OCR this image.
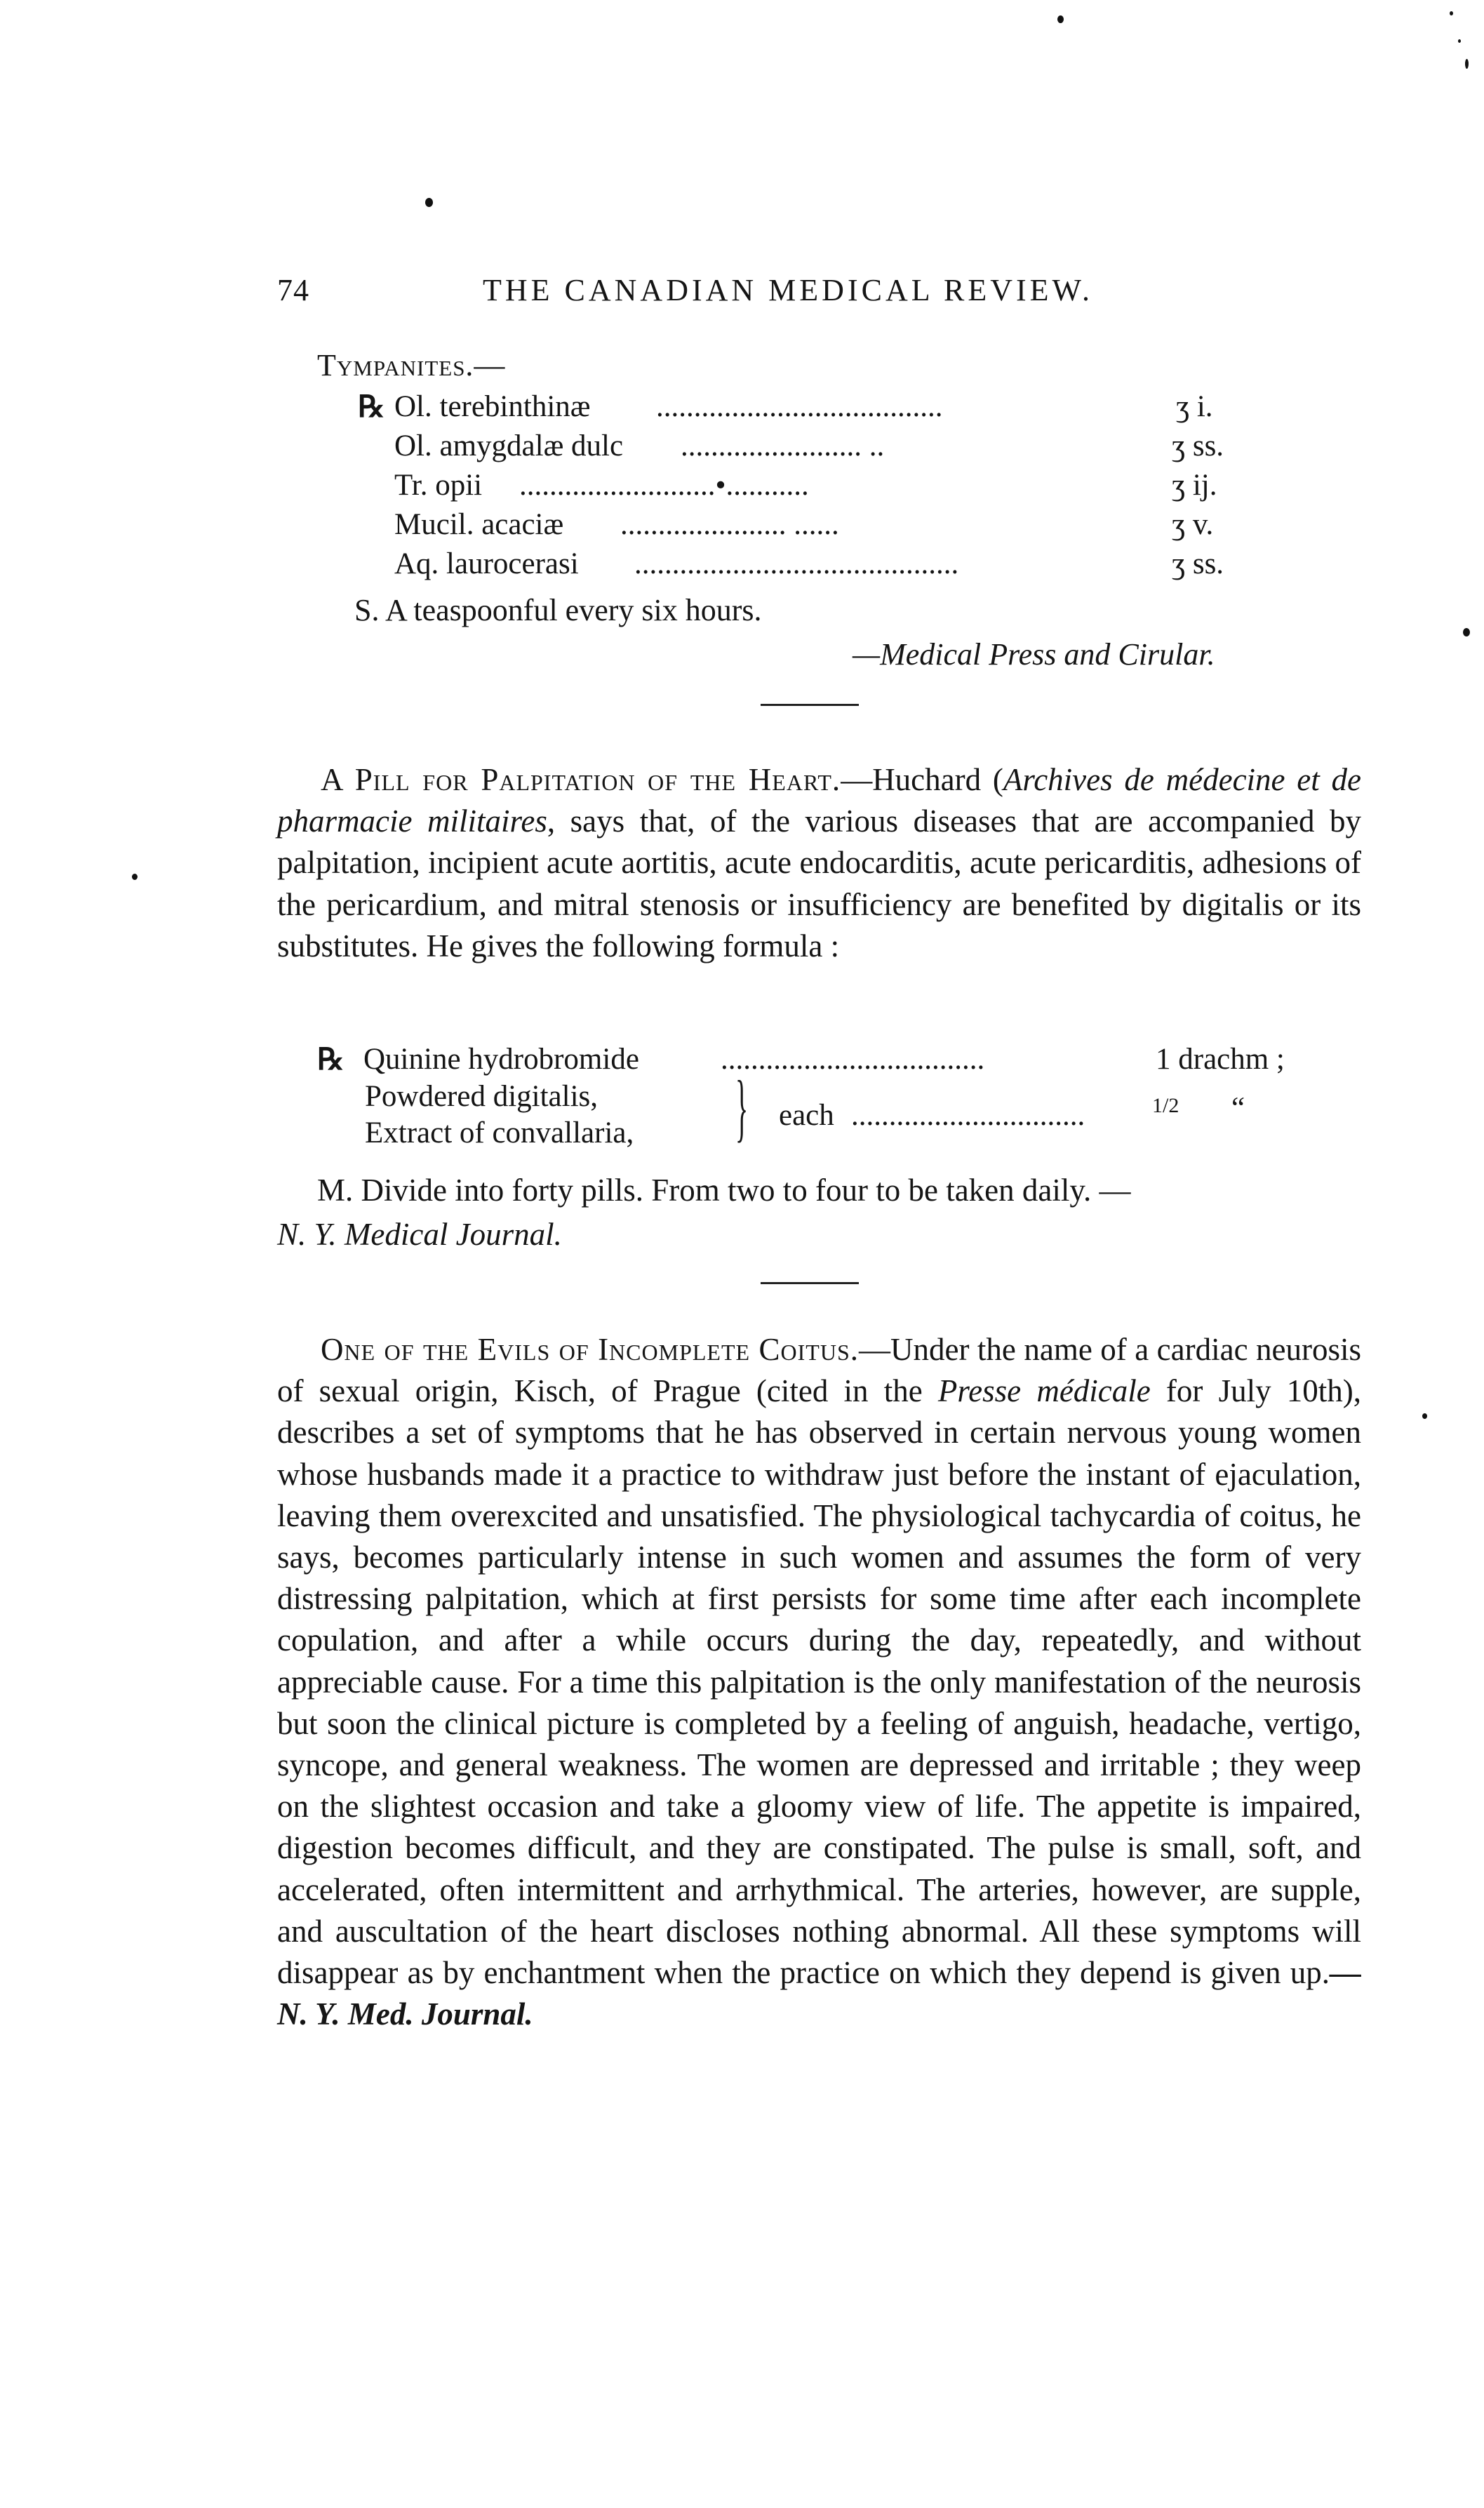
74	THE CANADIAN MEDICAL REVIEW.
Tympanites.—
℞ Ol. terebinthinæ ......................................	ʒ i.
Ol. amygdalæ dulc ........................ ..	ʒ ss.
Tr. opii ..........................•...........	ʒ ij.
Mucil. acaciæ ...................... ......	ʒ v.
Aq. laurocerasi ...........................................	ʒ ss.
S. A teaspoonful every six hours.
—Medical Press and Cirular.
A Pill for Palpitation of the Heart.—Huchard (Archives de médecine et de pharmacie militaires, says that, of the various diseases that are accompanied by palpitation, incipient acute aortitis, acute endocarditis, acute pericarditis, adhesions of the pericardium, and mitral stenosis or insufficiency are benefited by digitalis or its substitutes. He gives the following formula :
℞ Quinine hydrobromide	...................................	1 drachm ;
Powdered digitalis,
Extract of convallaria, } each ...............................	1/2 “
M. Divide into forty pills. From two to four to be taken daily. —
N. Y. Medical Journal.
One of the Evils of Incomplete Coitus.—Under the name of a cardiac neurosis of sexual origin, Kisch, of Prague (cited in the Presse médicale for July 10th), describes a set of symptoms that he has observed in certain nervous young women whose husbands made it a practice to withdraw just before the instant of ejaculation, leaving them overexcited and unsatisfied. The physiological tachycardia of coitus, he says, becomes particularly intense in such women and assumes the form of very distressing palpitation, which at first persists for some time after each incomplete copulation, and after a while occurs during the day, repeatedly, and without appreciable cause. For a time this palpitation is the only manifestation of the neurosis but soon the clinical picture is completed by a feeling of anguish, headache, vertigo, syncope, and general weakness. The women are depressed and irritable ; they weep on the slightest occasion and take a gloomy view of life. The appetite is impaired, digestion becomes difficult, and they are constipated. The pulse is small, soft, and accelerated, often intermittent and arrhythmical. The arteries, however, are supple, and auscultation of the heart discloses nothing abnormal. All these symptoms will disappear as by enchantment when the practice on which they depend is given up.—N. Y. Med. Journal.
